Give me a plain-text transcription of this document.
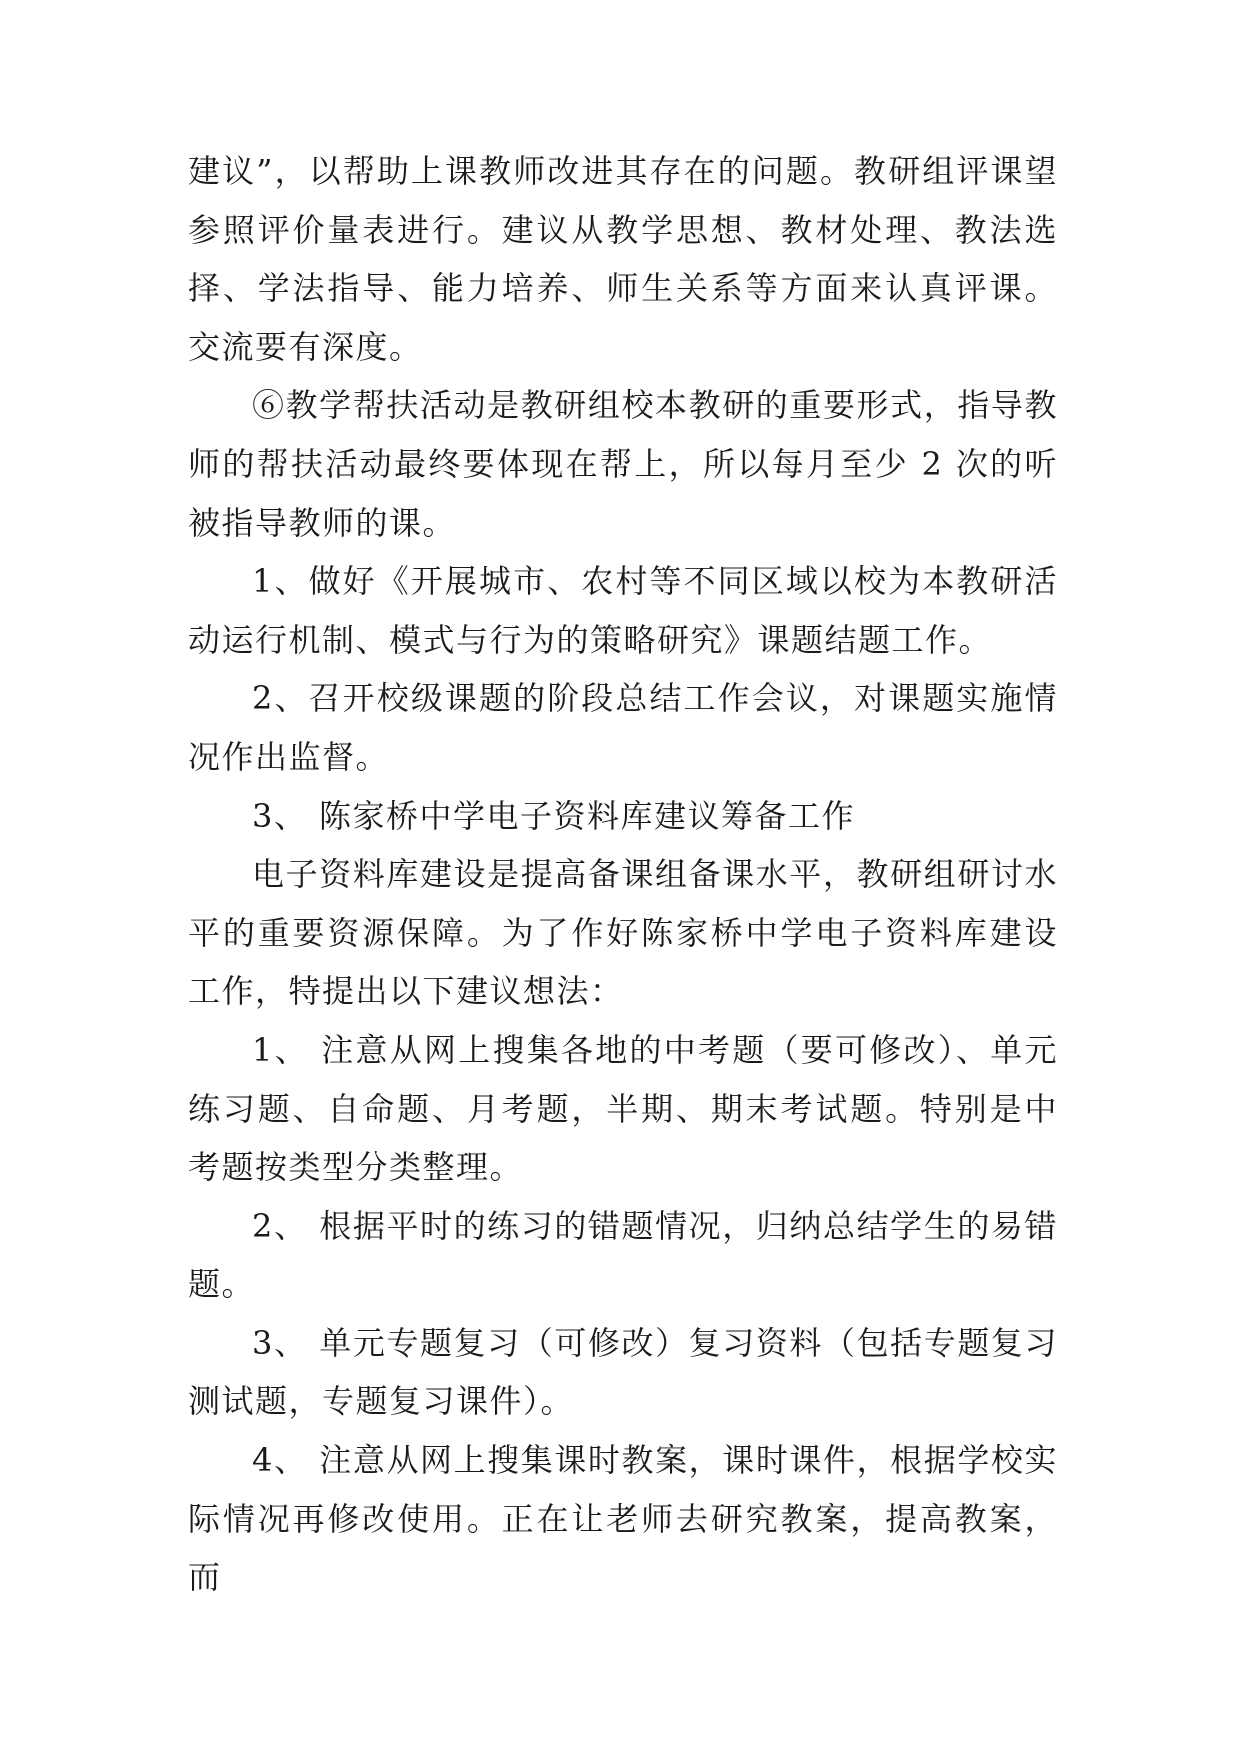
建议”，以帮助上课教师改进其存在的问题。教研组评课望参照评价量表进行。建议从教学思想、教材处理、教法选择、学法指导、能力培养、师生关系等方面来认真评课。交流要有深度。

⑥教学帮扶活动是教研组校本教研的重要形式，指导教师的帮扶活动最终要体现在帮上，所以每月至少 2 次的听被指导教师的课。

1、做好《开展城市、农村等不同区域以校为本教研活动运行机制、模式与行为的策略研究》课题结题工作。

2、召开校级课题的阶段总结工作会议，对课题实施情况作出监督。

3、 陈家桥中学电子资料库建议筹备工作

电子资料库建设是提高备课组备课水平，教研组研讨水平的重要资源保障。为了作好陈家桥中学电子资料库建设工作，特提出以下建议想法：

1、 注意从网上搜集各地的中考题（要可修改）、单元练习题、自命题、月考题，半期、期末考试题。特别是中考题按类型分类整理。

2、 根据平时的练习的错题情况，归纳总结学生的易错题。

3、 单元专题复习（可修改）复习资料（包括专题复习测试题，专题复习课件）。

4、 注意从网上搜集课时教案，课时课件，根据学校实际情况再修改使用。正在让老师去研究教案，提高教案，而
